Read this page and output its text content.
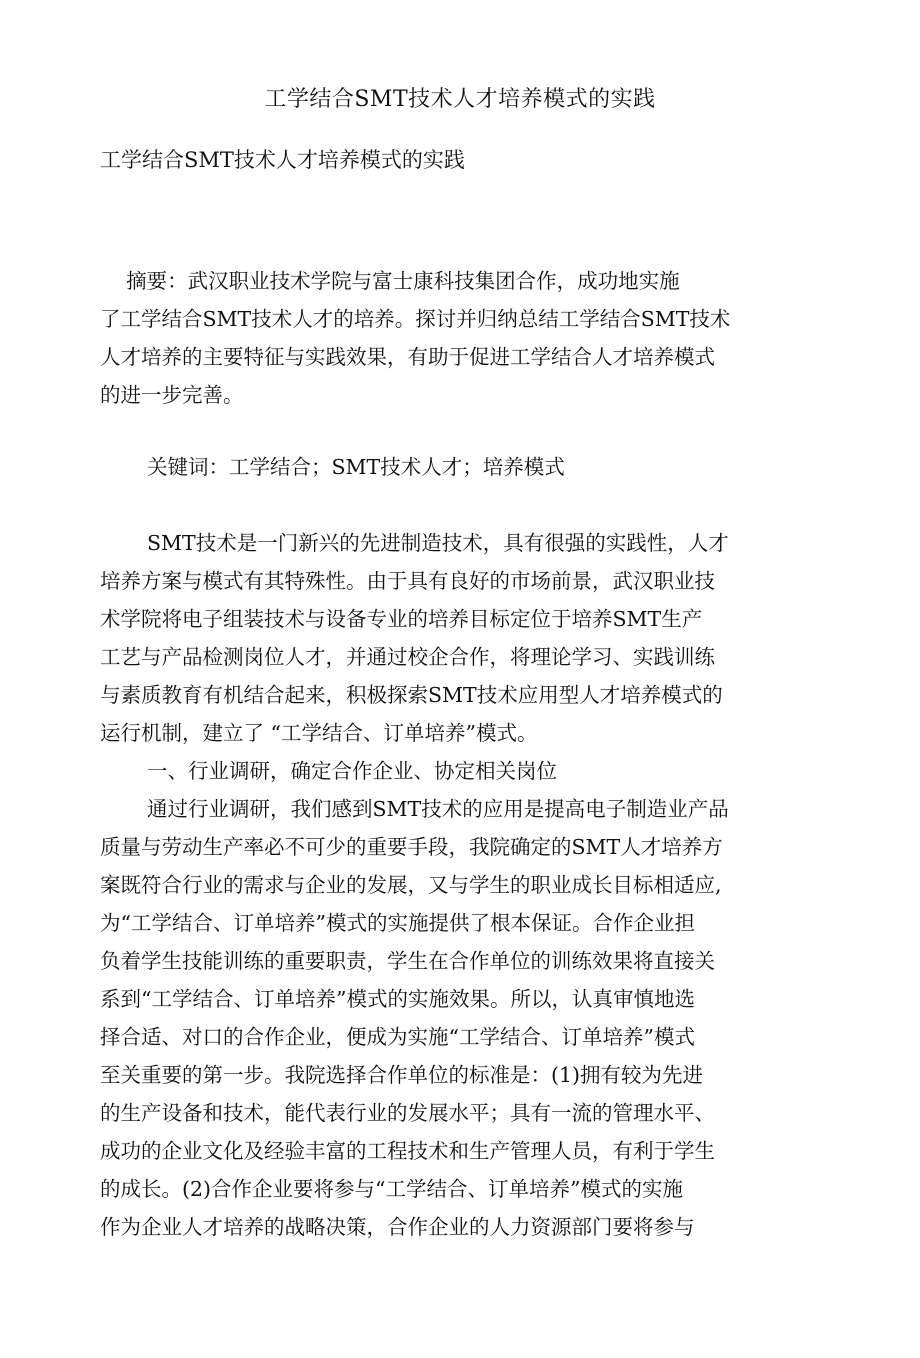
工学结合SMT技术人才培养模式的实践
工学结合SMT技术人才培养模式的实践
摘要：武汉职业技术学院与富士康科技集团合作，成功地实施
了工学结合SMT技术人才的培养。探讨并归纳总结工学结合SMT技术
人才培养的主要特征与实践效果，有助于促进工学结合人才培养模式
的进一步完善。
关键词：工学结合；SMT技术人才；培养模式
SMT技术是一门新兴的先进制造技术，具有很强的实践性，人才
培养方案与模式有其特殊性。由于具有良好的市场前景，武汉职业技
术学院将电子组装技术与设备专业的培养目标定位于培养SMT生产
工艺与产品检测岗位人才，并通过校企合作，将理论学习、实践训练
与素质教育有机结合起来，积极探索SMT技术应用型人才培养模式的
运行机制，建立了 “工学结合、订单培养”模式。
一、行业调研，确定合作企业、协定相关岗位
通过行业调研，我们感到SMT技术的应用是提高电子制造业产品
质量与劳动生产率必不可少的重要手段，我院确定的SMT人才培养方
案既符合行业的需求与企业的发展，又与学生的职业成长目标相适应,
为“工学结合、订单培养”模式的实施提供了根本保证。合作企业担
负着学生技能训练的重要职责，学生在合作单位的训练效果将直接关
系到“工学结合、订单培养”模式的实施效果。所以，认真审慎地选
择合适、对口的合作企业，便成为实施“工学结合、订单培养”模式
至关重要的第一步。我院选择合作单位的标准是：(1)拥有较为先进
的生产设备和技术，能代表行业的发展水平；具有一流的管理水平、
成功的企业文化及经验丰富的工程技术和生产管理人员，有利于学生
的成长。(2)合作企业要将参与“工学结合、订单培养”模式的实施
作为企业人才培养的战略决策，合作企业的人力资源部门要将参与
